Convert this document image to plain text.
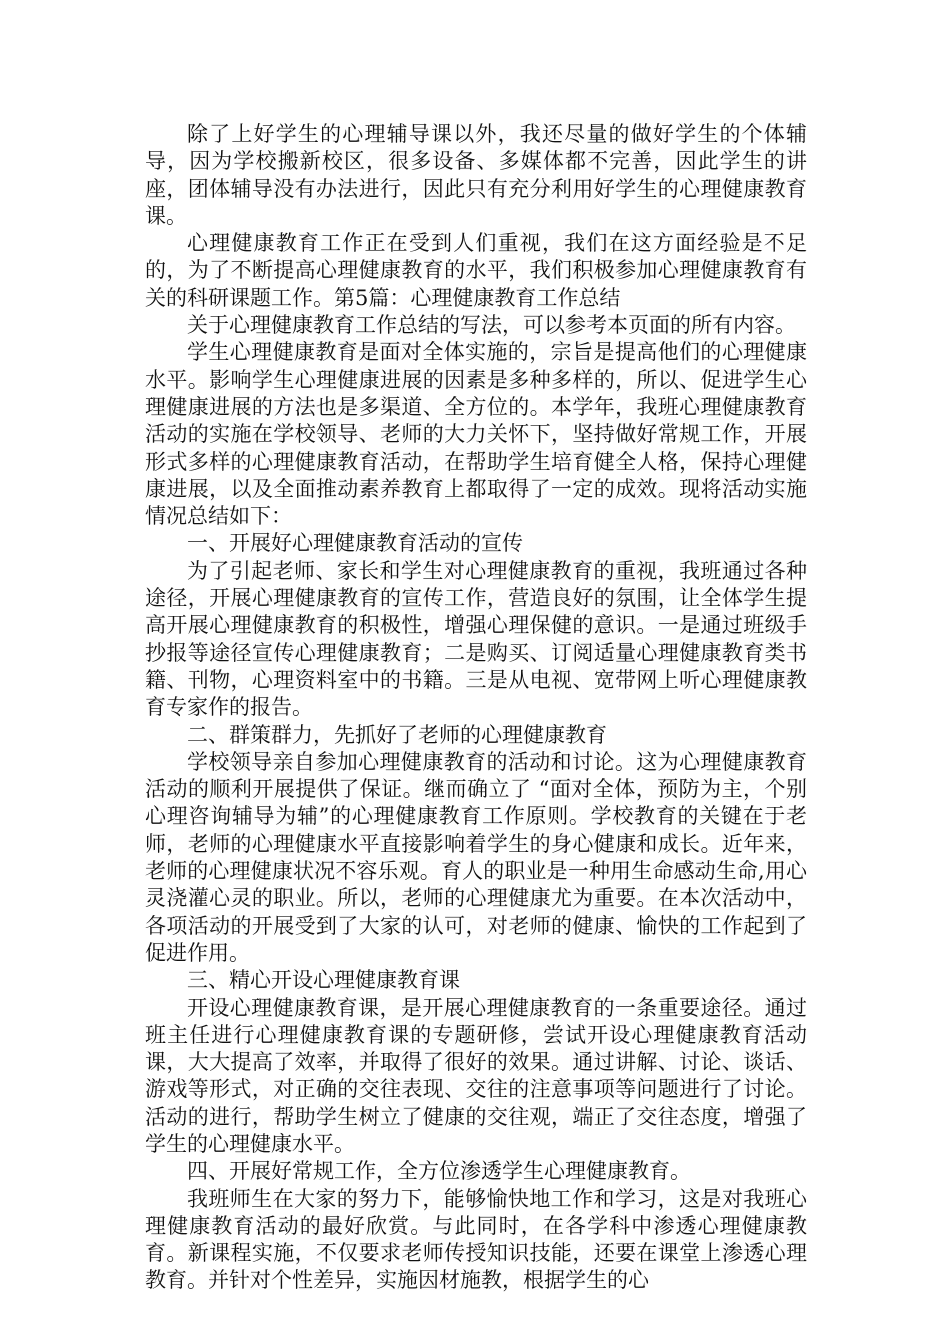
除了上好学生的心理辅导课以外，我还尽量的做好学生的个体辅导，因为学校搬新校区，很多设备、多媒体都不完善，因此学生的讲座，团体辅导没有办法进行，因此只有充分利用好学生的心理健康教育课。

心理健康教育工作正在受到人们重视，我们在这方面经验是不足的，为了不断提高心理健康教育的水平，我们积极参加心理健康教育有关的科研课题工作。第5篇：心理健康教育工作总结

关于心理健康教育工作总结的写法，可以参考本页面的所有内容。

学生心理健康教育是面对全体实施的，宗旨是提高他们的心理健康水平。影响学生心理健康进展的因素是多种多样的，所以、促进学生心理健康进展的方法也是多渠道、全方位的。本学年，我班心理健康教育活动的实施在学校领导、老师的大力关怀下，坚持做好常规工作，开展形式多样的心理健康教育活动，在帮助学生培育健全人格，保持心理健康进展，以及全面推动素养教育上都取得了一定的成效。现将活动实施情况总结如下：

一、开展好心理健康教育活动的宣传

为了引起老师、家长和学生对心理健康教育的重视，我班通过各种途径，开展心理健康教育的宣传工作，营造良好的氛围，让全体学生提高开展心理健康教育的积极性，增强心理保健的意识。一是通过班级手抄报等途径宣传心理健康教育；二是购买、订阅适量心理健康教育类书籍、刊物，心理资料室中的书籍。三是从电视、宽带网上听心理健康教育专家作的报告。

二、群策群力，先抓好了老师的心理健康教育

学校领导亲自参加心理健康教育的活动和讨论。这为心理健康教育活动的顺利开展提供了保证。继而确立了 “面对全体，预防为主，个别心理咨询辅导为辅”的心理健康教育工作原则。学校教育的关键在于老师，老师的心理健康水平直接影响着学生的身心健康和成长。近年来，老师的心理健康状况不容乐观。育人的职业是一种用生命感动生命,用心灵浇灌心灵的职业。所以，老师的心理健康尤为重要。在本次活动中，各项活动的开展受到了大家的认可，对老师的健康、愉快的工作起到了促进作用。

三、精心开设心理健康教育课

开设心理健康教育课，是开展心理健康教育的一条重要途径。通过班主任进行心理健康教育课的专题研修，尝试开设心理健康教育活动课，大大提高了效率，并取得了很好的效果。通过讲解、讨论、谈话、游戏等形式，对正确的交往表现、交往的注意事项等问题进行了讨论。活动的进行，帮助学生树立了健康的交往观，端正了交往态度，增强了学生的心理健康水平。

四、开展好常规工作，全方位渗透学生心理健康教育。

我班师生在大家的努力下，能够愉快地工作和学习，这是对我班心理健康教育活动的最好欣赏。与此同时，在各学科中渗透心理健康教育。新课程实施，不仅要求老师传授知识技能，还要在课堂上渗透心理教育。并针对个性差异，实施因材施教，根据学生的心
